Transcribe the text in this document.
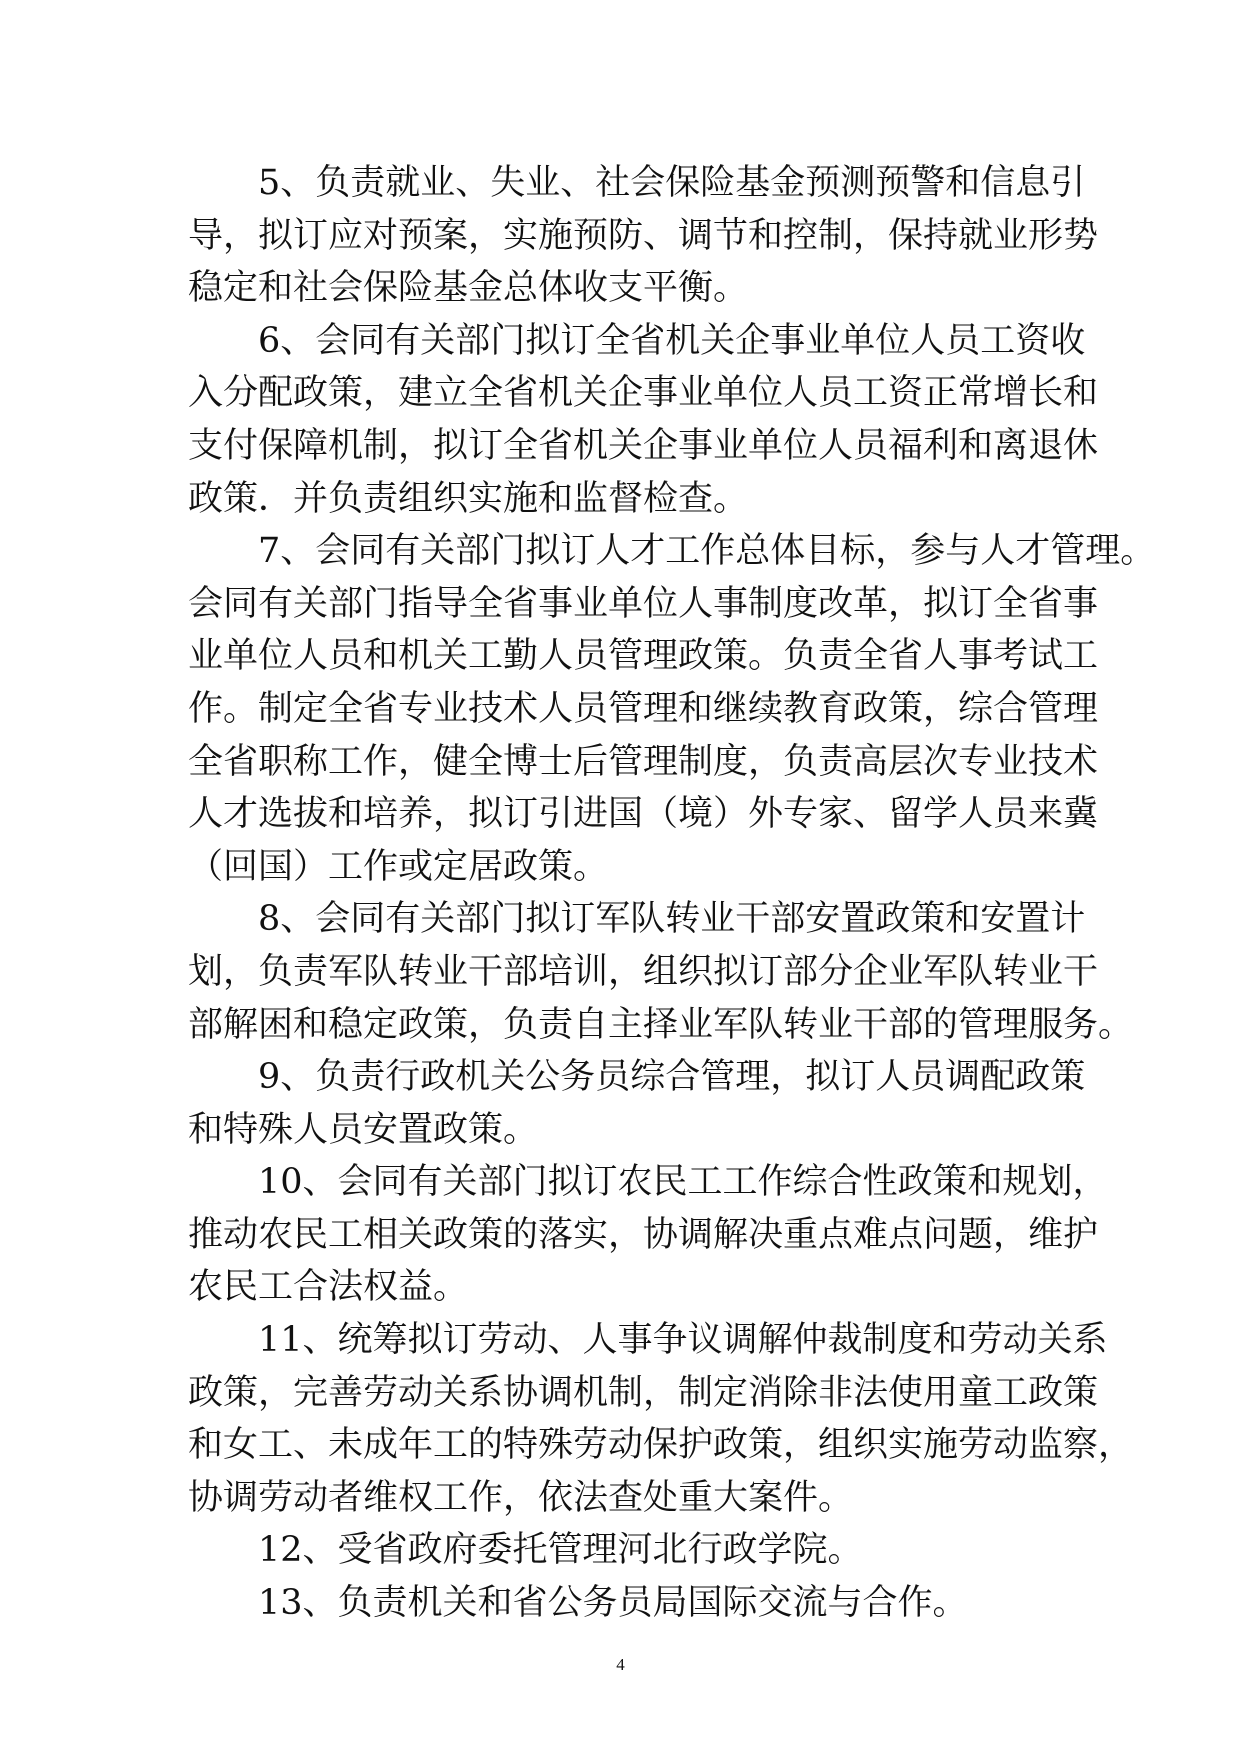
5、负责就业、失业、社会保险基金预测预警和信息引
导，拟订应对预案，实施预防、调节和控制，保持就业形势
稳定和社会保险基金总体收支平衡。
6、会同有关部门拟订全省机关企事业单位人员工资收
入分配政策，建立全省机关企事业单位人员工资正常增长和
支付保障机制，拟订全省机关企事业单位人员福利和离退休
政策．并负责组织实施和监督检查。
7、会同有关部门拟订人才工作总体目标，参与人才管理。
会同有关部门指导全省事业单位人事制度改革，拟订全省事
业单位人员和机关工勤人员管理政策。负责全省人事考试工
作。制定全省专业技术人员管理和继续教育政策，综合管理
全省职称工作，健全博士后管理制度，负责高层次专业技术
人才选拔和培养，拟订引进国（境）外专家、留学人员来冀
（回国）工作或定居政策。
8、会同有关部门拟订军队转业干部安置政策和安置计
划，负责军队转业干部培训，组织拟订部分企业军队转业干
部解困和稳定政策，负责自主择业军队转业干部的管理服务。
9、负责行政机关公务员综合管理，拟订人员调配政策
和特殊人员安置政策。
10、会同有关部门拟订农民工工作综合性政策和规划，
推动农民工相关政策的落实，协调解决重点难点问题，维护
农民工合法权益。
11、统筹拟订劳动、人事争议调解仲裁制度和劳动关系
政策，完善劳动关系协调机制，制定消除非法使用童工政策
和女工、未成年工的特殊劳动保护政策，组织实施劳动监察，
协调劳动者维权工作，依法查处重大案件。
12、受省政府委托管理河北行政学院。
13、负责机关和省公务员局国际交流与合作。
4
